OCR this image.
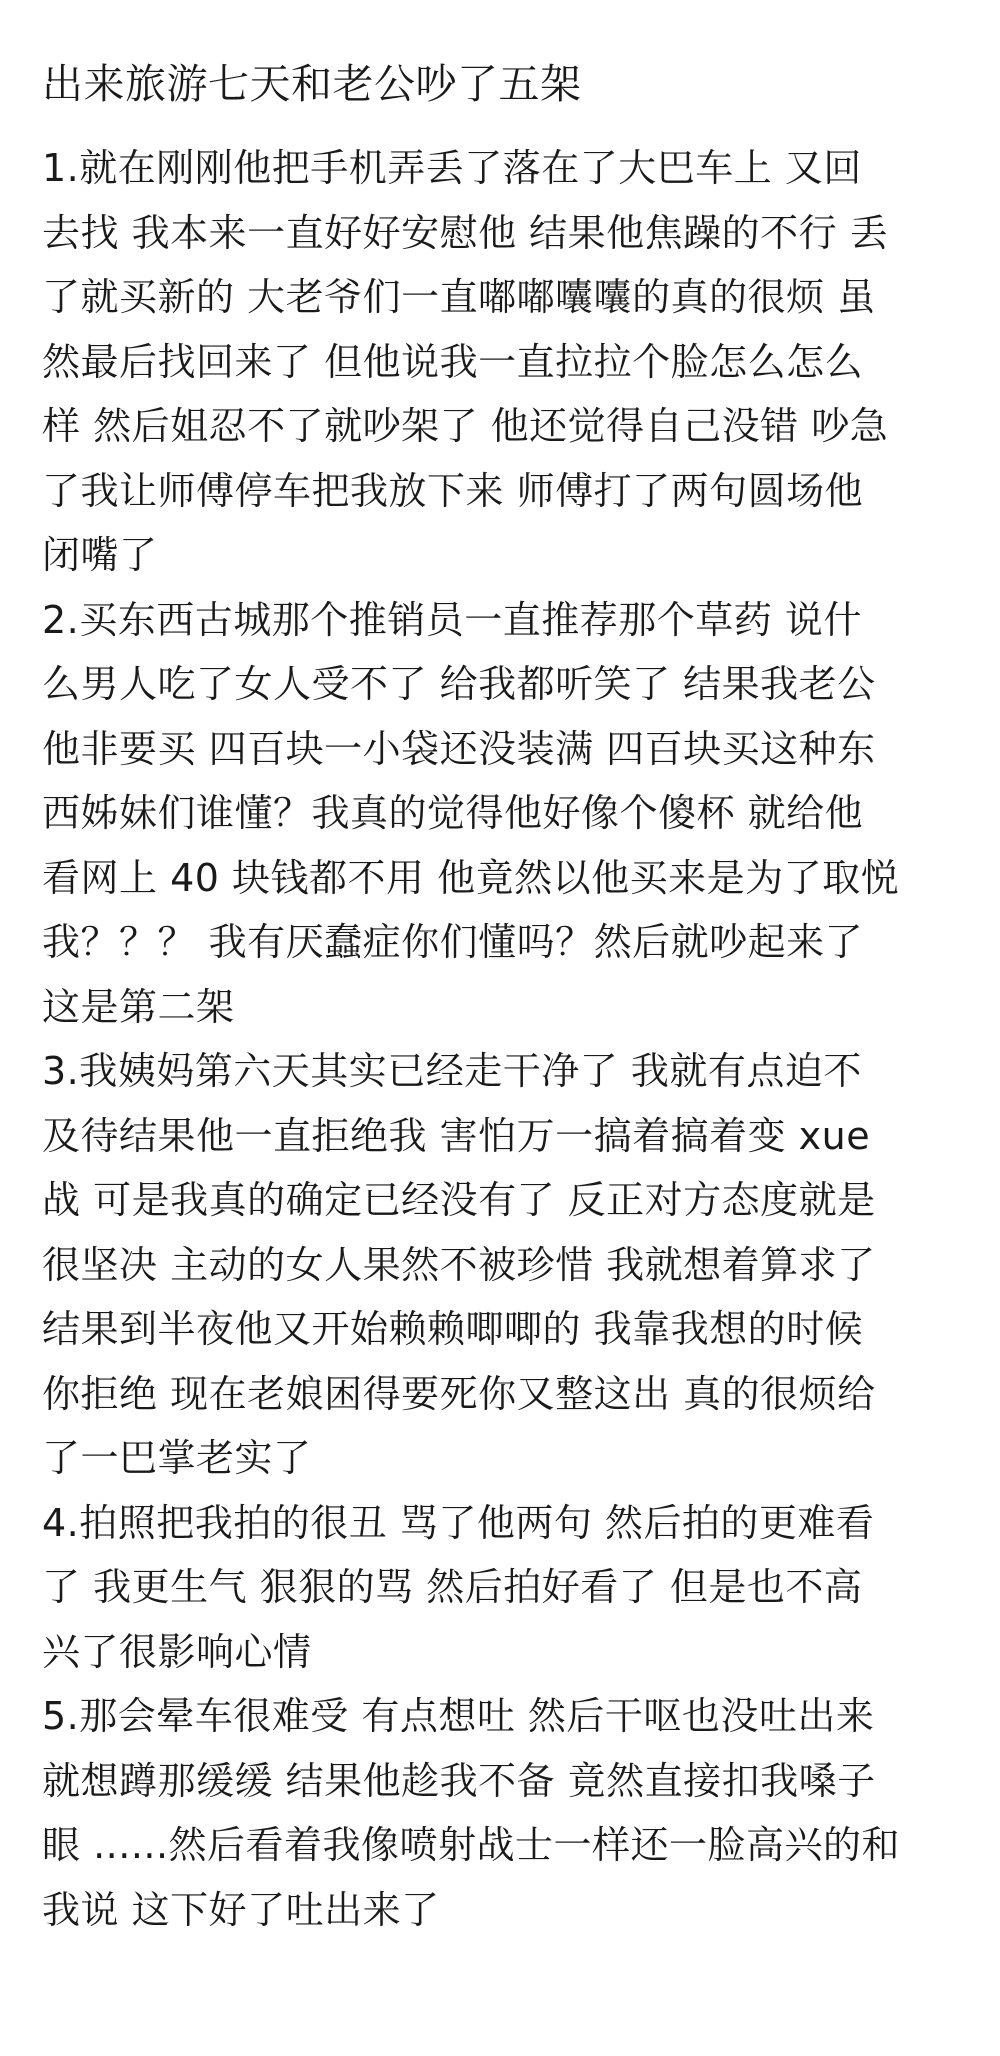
出来旅游七天和老公吵了五架
1.就在刚刚他把手机弄丢了落在了大巴车上 又回
去找 我本来一直好好安慰他 结果他焦躁的不行 丢
了就买新的 大老爷们一直嘟嘟囔囔的真的很烦 虽
然最后找回来了 但他说我一直拉拉个脸怎么怎么
样 然后姐忍不了就吵架了 他还觉得自己没错 吵急
了我让师傅停车把我放下来 师傅打了两句圆场他
闭嘴了
2.买东西古城那个推销员一直推荐那个草药 说什
么男人吃了女人受不了 给我都听笑了 结果我老公
他非要买 四百块一小袋还没装满 四百块买这种东
西姊妹们谁懂？我真的觉得他好像个傻杯 就给他
看网上 40 块钱都不用 他竟然以他买来是为了取悦
我？？？ 我有厌蠢症你们懂吗？然后就吵起来了
这是第二架
3.我姨妈第六天其实已经走干净了 我就有点迫不
及待结果他一直拒绝我 害怕万一搞着搞着变 xue
战 可是我真的确定已经没有了 反正对方态度就是
很坚决 主动的女人果然不被珍惜 我就想着算求了
结果到半夜他又开始赖赖唧唧的 我靠我想的时候
你拒绝 现在老娘困得要死你又整这出 真的很烦给
了一巴掌老实了
4.拍照把我拍的很丑 骂了他两句 然后拍的更难看
了 我更生气 狠狠的骂 然后拍好看了 但是也不高
兴了很影响心情
5.那会晕车很难受 有点想吐 然后干呕也没吐出来
就想蹲那缓缓 结果他趁我不备 竟然直接扣我嗓子
眼 ......然后看着我像喷射战士一样还一脸高兴的和
我说 这下好了吐出来了
